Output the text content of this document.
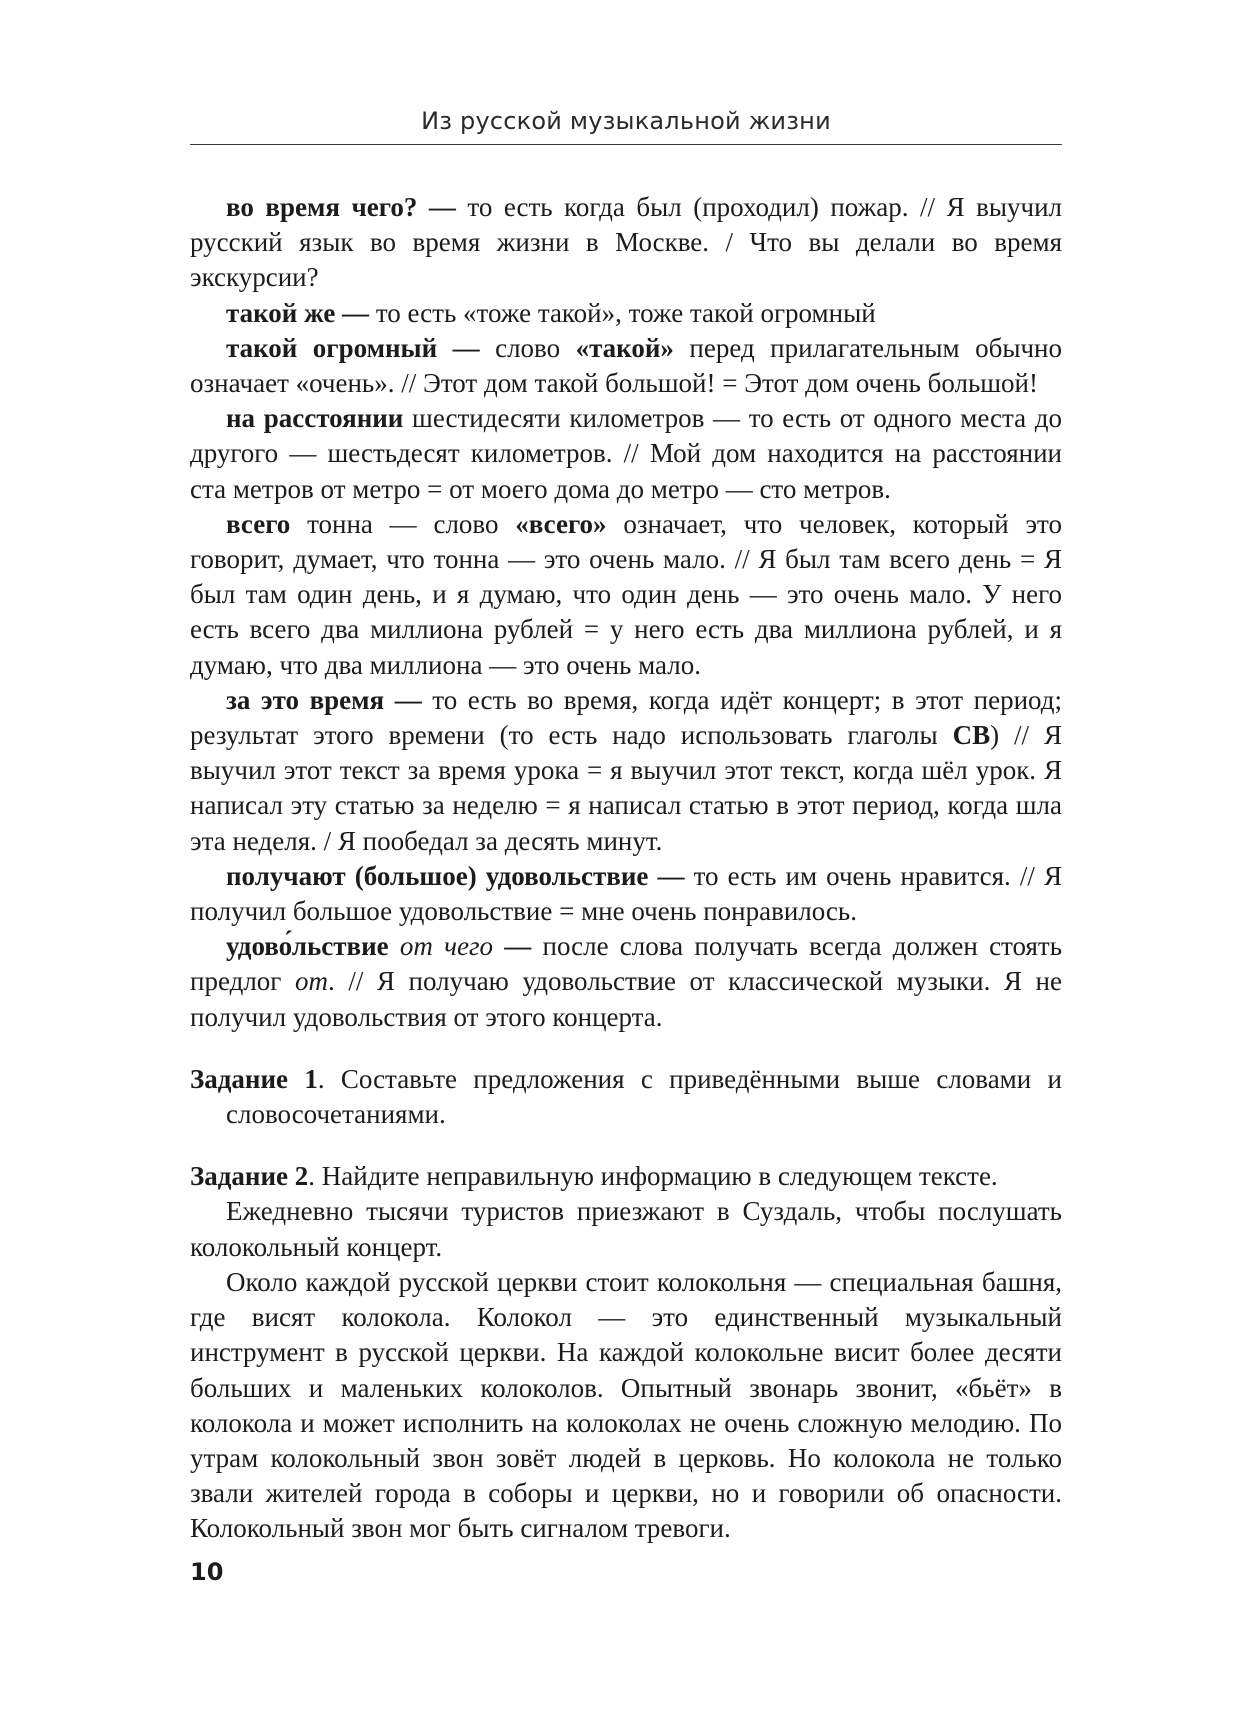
Из русской музыкальной жизни

во время чего? — то есть когда был (проходил) пожар. // Я выучил русский язык во время жизни в Москве. / Что вы делали во время экскурсии?

такой же — то есть «тоже такой», тоже такой огромный

такой огромный — слово «такой» перед прилагательным обычно означает «очень». // Этот дом такой большой! = Этот дом очень большой!

на расстоянии шестидесяти километров — то есть от одного места до другого — шестьдесят километров. // Мой дом находится на расстоянии ста метров от метро = от моего дома до метро — сто метров.

всего тонна — слово «всего» означает, что человек, который это говорит, думает, что тонна — это очень мало. // Я был там всего день = Я был там один день, и я думаю, что один день — это очень мало. У него есть всего два миллиона рублей = у него есть два миллиона рублей, и я думаю, что два миллиона — это очень мало.

за это время — то есть во время, когда идёт концерт; в этот период; результат этого времени (то есть надо использовать глаголы СВ) // Я выучил этот текст за время урока = я выучил этот текст, когда шёл урок. Я написал эту статью за неделю = я написал статью в этот период, когда шла эта неделя. / Я пообедал за десять минут.

получают (большое) удовольствие — то есть им очень нравится. // Я получил большое удовольствие = мне очень понравилось.

удово́льствие от чего — после слова получать всегда должен стоять предлог от. // Я получаю удовольствие от классической музыки. Я не получил удовольствия от этого концерта.

Задание 1. Составьте предложения с приведёнными выше словами и словосочетаниями.

Задание 2. Найдите неправильную информацию в следующем тексте.

Ежедневно тысячи туристов приезжают в Суздаль, чтобы послушать колокольный концерт.

Около каждой русской церкви стоит колокольня — специальная башня, где висят колокола. Колокол — это единственный музыкальный инструмент в русской церкви. На каждой колокольне висит более десяти больших и маленьких колоколов. Опытный звонарь звонит, «бьёт» в колокола и может исполнить на колоколах не очень сложную мелодию. По утрам колокольный звон зовёт людей в церковь. Но колокола не только звали жителей города в соборы и церкви, но и говорили об опасности. Колокольный звон мог быть сигналом тревоги.

10
